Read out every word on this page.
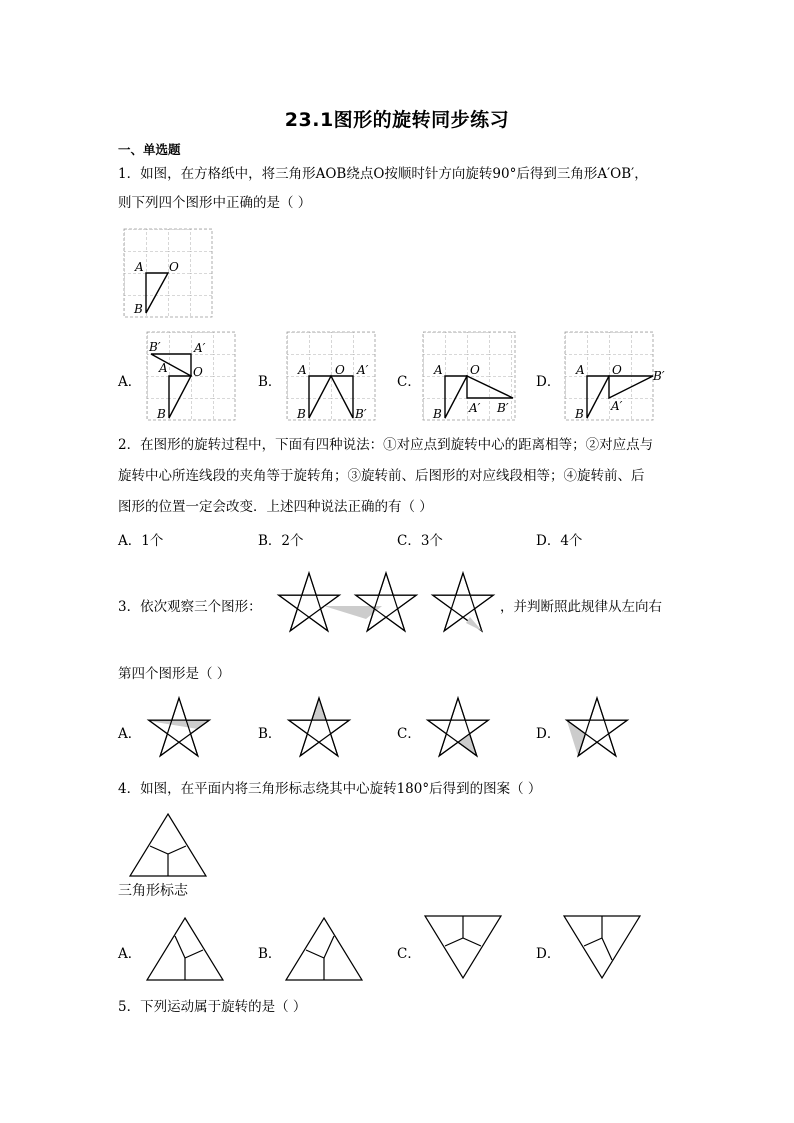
23.1图形的旋转同步练习
一、单选题
1．如图，在方格纸中，将三角形AOB绕点O按顺时针方向旋转90°后得到三角形A′OB′，
则下列四个图形中正确的是（ ）
A O
B
A．
B′	A′
A O
B
B．
A O A′
B	B′
C．
A O
A′ B′
B
D．
A O
A′
B′
B
2．在图形的旋转过程中，下面有四种说法：①对应点到旋转中心的距离相等；②对应点与
旋转中心所连线段的夹角等于旋转角；③旋转前、后图形的对应线段相等；④旋转前、后
图形的位置一定会改变．上述四种说法正确的有（ ）
A．1个	B．2个	C．3个	D．4个
3．依次观察三个图形：	，并判断照此规律从左向右
第四个图形是（ ）
A．	B．	C．	D．
4．如图，在平面内将三角形标志绕其中心旋转180°后得到的图案（ ）
三角形标志
A．	B．	C．	D．
5．下列运动属于旋转的是（ ）
